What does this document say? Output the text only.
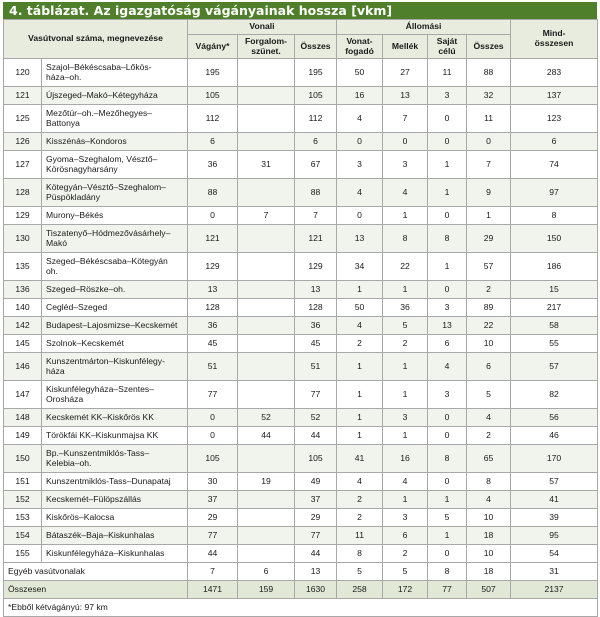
4. táblázat. Az igazgatóság vágányainak hossza [vkm]
Vasútvonal száma, megnevezése		Vonali			Állomási				Mind-
összesen
		Vágány*	Forgalom-
szünet.	Összes	Vonat-
fogadó	Mellék	Saját
célú	Összes	
120	Szajol–Békéscsaba–Lőkös-
háza–oh.	195		195	50	27	11	88	283
121	Újszeged–Makó–Kétegyháza	105		105	16	13	3	32	137
125	Mezőtúr–oh.–Mezőhegyes–
Battonya	112		112	4	7	0	11	123
126	Kisszénás–Kondoros	6		6	0	0	0	0	6
127	Gyoma–Szeghalom, Vésztő–
Körösnagyharsány	36	31	67	3	3	1	7	74
128	Kötegyán–Vésztő–Szeghalom–
Püspökladány	88		88	4	4	1	9	97
129	Murony–Békés	0	7	7	0	1	0	1	8
130	Tiszatenyő–Hódmezővásárhely–
Makó	121		121	13	8	8	29	150
135	Szeged–Békéscsaba–Kötegyán
oh.	129		129	34	22	1	57	186
136	Szeged–Röszke–oh.	13		13	1	1	0	2	15
140	Cegléd–Szeged	128		128	50	36	3	89	217
142	Budapest–Lajosmizse–Kecskemét	36		36	4	5	13	22	58
145	Szolnok–Kecskemét	45		45	2	2	6	10	55
146	Kunszentmárton–Kiskunfélegy-
háza	51		51	1	1	4	6	57
147	Kiskunfélegyháza–Szentes–
Orosháza	77		77	1	1	3	5	82
148	Kecskemét KK–Kiskőrös KK	0	52	52	1	3	0	4	56
149	Törökfái KK–Kiskunmajsa KK	0	44	44	1	1	0	2	46
150	Bp.–Kunszentmiklós-Tass–
Kelebia–oh.	105		105	41	16	8	65	170
151	Kunszentmiklós-Tass–Dunapataj	30	19	49	4	4	0	8	57
152	Kecskemét–Fülöpszállás	37		37	2	1	1	4	41
153	Kiskőrös–Kalocsa	29		29	2	3	5	10	39
154	Bátaszék–Baja–Kiskunhalas	77		77	11	6	1	18	95
155	Kiskunfélegyháza–Kiskunhalas	44		44	8	2	0	10	54
Egyéb vasútvonalak		7	6	13	5	5	8	18	31
Összesen		1471	159	1630	258	172	77	507	2137
*Ebből kétvágányú: 97 km									
